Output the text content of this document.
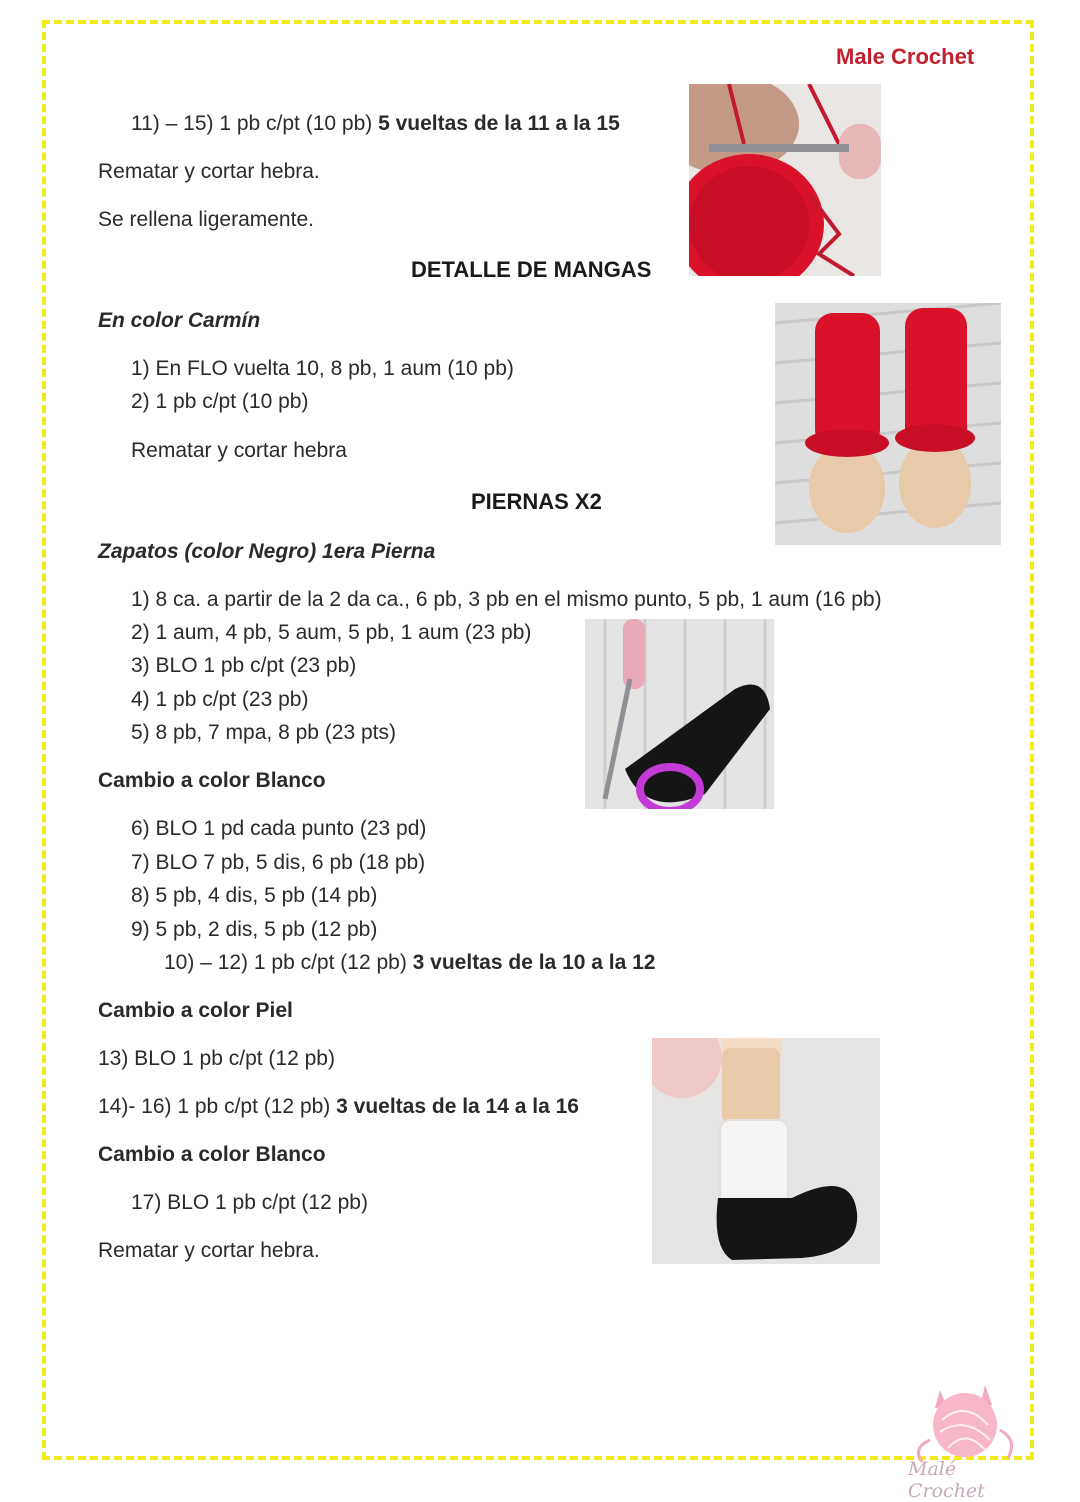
Male Crochet
11) – 15) 1 pb c/pt (10 pb) 5 vueltas de la 11 a la 15
Rematar y cortar hebra.
Se rellena ligeramente.
DETALLE DE MANGAS
En color Carmín
1) En FLO vuelta 10, 8 pb, 1 aum (10 pb)
2) 1 pb c/pt (10 pb)
Rematar y cortar hebra
PIERNAS X2
Zapatos (color Negro) 1era Pierna
1) 8 ca. a partir de la 2 da ca., 6 pb, 3 pb en el mismo punto, 5 pb, 1 aum (16 pb)
2) 1 aum, 4 pb, 5 aum, 5 pb, 1 aum (23 pb)
3) BLO 1 pb c/pt (23 pb)
4) 1 pb c/pt (23 pb)
5) 8 pb, 7 mpa, 8 pb (23 pts)
Cambio a color Blanco
6) BLO 1 pd cada punto (23 pd)
7) BLO 7 pb, 5 dis, 6 pb (18 pb)
8) 5 pb, 4 dis, 5 pb (14 pb)
9) 5 pb, 2 dis, 5 pb (12 pb)
10) – 12) 1 pb c/pt (12 pb) 3 vueltas de la 10 a la 12
Cambio a color Piel
13) BLO 1 pb c/pt (12 pb)
14)- 16) 1 pb c/pt (12 pb) 3 vueltas de la 14 a la 16
Cambio a color Blanco
17) BLO 1 pb c/pt (12 pb)
Rematar y cortar hebra.
Malé Crochet
